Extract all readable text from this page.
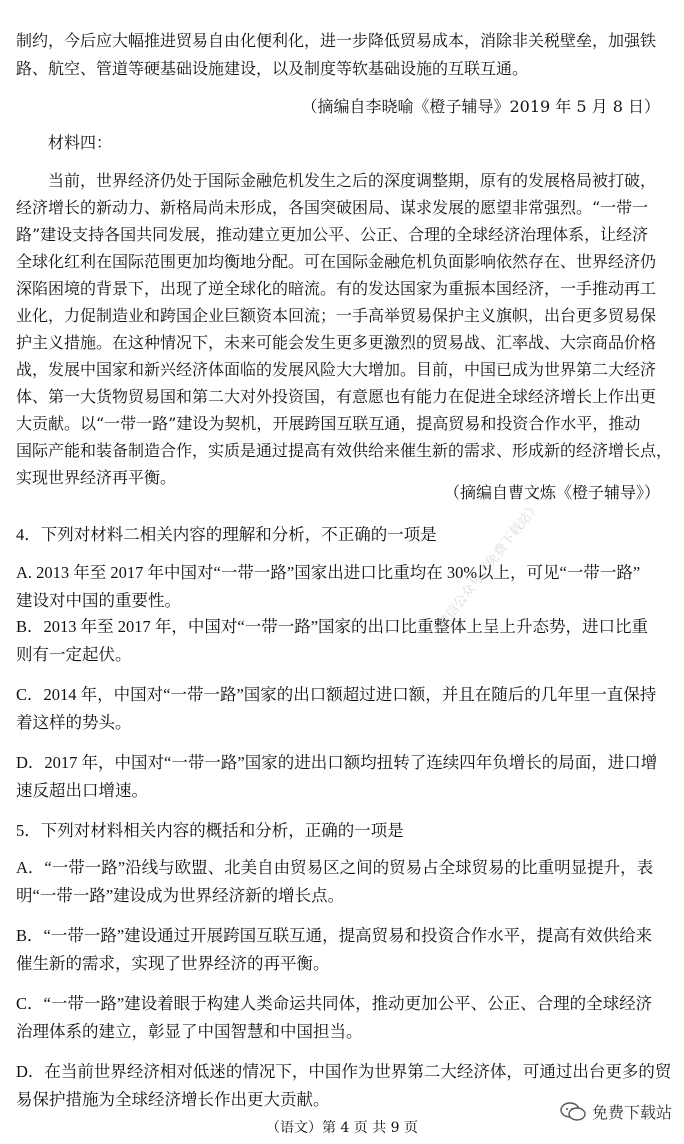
制约，今后应大幅推进贸易自由化便利化，进一步降低贸易成本，消除非关税壁垒，加强铁
路、航空、管道等硬基础设施建设，以及制度等软基础设施的互联互通。
（摘编自李晓喻《橙子辅导》2019 年 5 月 8 日）
材料四：
当前，世界经济仍处于国际金融危机发生之后的深度调整期，原有的发展格局被打破，
经济增长的新动力、新格局尚未形成，各国突破困局、谋求发展的愿望非常强烈。“一带一
路”建设支持各国共同发展，推动建立更加公平、公正、合理的全球经济治理体系，让经济
全球化红利在国际范围更加均衡地分配。可在国际金融危机负面影响依然存在、世界经济仍
深陷困境的背景下，出现了逆全球化的暗流。有的发达国家为重振本国经济，一手推动再工
业化，力促制造业和跨国企业巨额资本回流；一手高举贸易保护主义旗帜，出台更多贸易保
护主义措施。在这种情况下，未来可能会发生更多更激烈的贸易战、汇率战、大宗商品价格
战，发展中国家和新兴经济体面临的发展风险大大增加。目前，中国已成为世界第二大经济
体、第一大货物贸易国和第二大对外投资国，有意愿也有能力在促进全球经济增长上作出更
大贡献。以“一带一路”建设为契机，开展跨国互联互通，提高贸易和投资合作水平，推动
国际产能和装备制造合作，实质是通过提高有效供给来催生新的需求、形成新的经济增长点，
实现世界经济再平衡。
（摘编自曹文炼《橙子辅导》）
4．下列对材料二相关内容的理解和分析，不正确的一项是
A. 2013 年至 2017 年中国对“一带一路”国家出进口比重均在 30%以上，可见“一带一路”
建设对中国的重要性。
B．2013 年至 2017 年，中国对“一带一路”国家的出口比重整体上呈上升态势，进口比重
则有一定起伏。
C．2014 年，中国对“一带一路”国家的出口额超过进口额，并且在随后的几年里一直保持
着这样的势头。
D．2017 年，中国对“一带一路”国家的进出口额均扭转了连续四年负增长的局面，进口增
速反超出口增速。
5．下列对材料相关内容的概括和分析，正确的一项是
A．“一带一路”沿线与欧盟、北美自由贸易区之间的贸易占全球贸易的比重明显提升，表
明“一带一路”建设成为世界经济新的增长点。
B．“一带一路”建设通过开展跨国互联互通，提高贸易和投资合作水平，提高有效供给来
催生新的需求，实现了世界经济的再平衡。
C．“一带一路”建设着眼于构建人类命运共同体，推动更加公平、公正、合理的全球经济
治理体系的建立，彰显了中国智慧和中国担当。
D．在当前世界经济相对低迷的情况下，中国作为世界第二大经济体，可通过出台更多的贸
易保护措施为全球经济增长作出更大贡献。
微信公众号《免费下载站》
（语文）第 4 页 共 9 页
免费下载站
